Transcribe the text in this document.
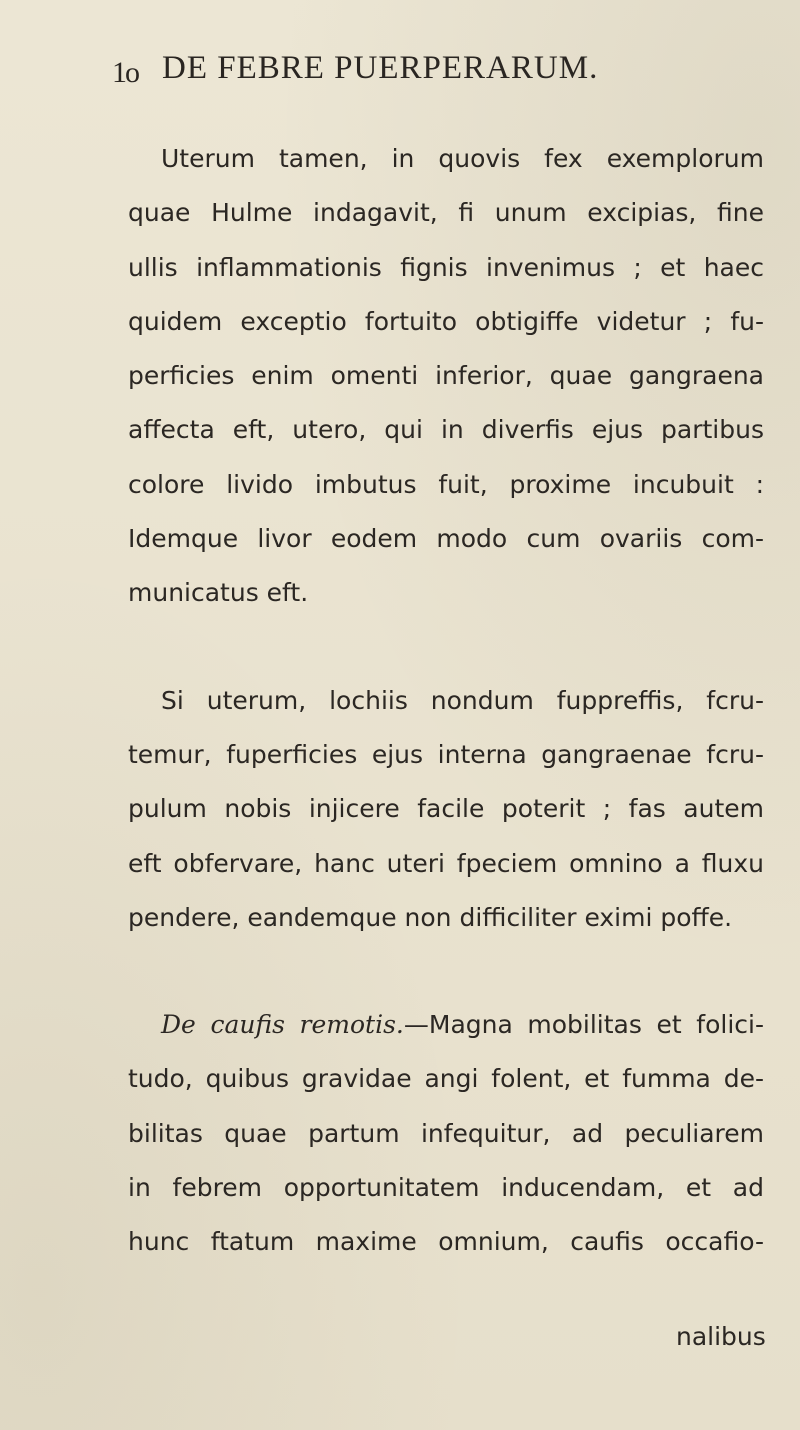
1o DE FEBRE PUERPERARUM.
Uterum tamen, in quovis fex exemplorum
quae Hulme indagavit, fi unum excipias, fine
ullis inflammationis fignis invenimus ; et haec
quidem exceptio fortuito obtigiffe videtur ; fu-
perficies enim omenti inferior, quae gangraena
affecta eft, utero, qui in diverfis ejus partibus
colore livido imbutus fuit, proxime incubuit :
Idemque livor eodem modo cum ovariis com-
municatus eft.
Si uterum, lochiis nondum fuppreffis, fcru-
temur, fuperficies ejus interna gangraenae fcru-
pulum nobis injicere facile poterit ; fas autem
eft obfervare, hanc uteri fpeciem omnino a fluxu
pendere, eandemque non difficiliter eximi poffe.
De caufis remotis.—Magna mobilitas et folici-
tudo, quibus gravidae angi folent, et fumma de-
bilitas quae partum infequitur, ad peculiarem
in febrem opportunitatem inducendam, et ad
hunc ftatum maxime omnium, caufis occafio-
nalibus
